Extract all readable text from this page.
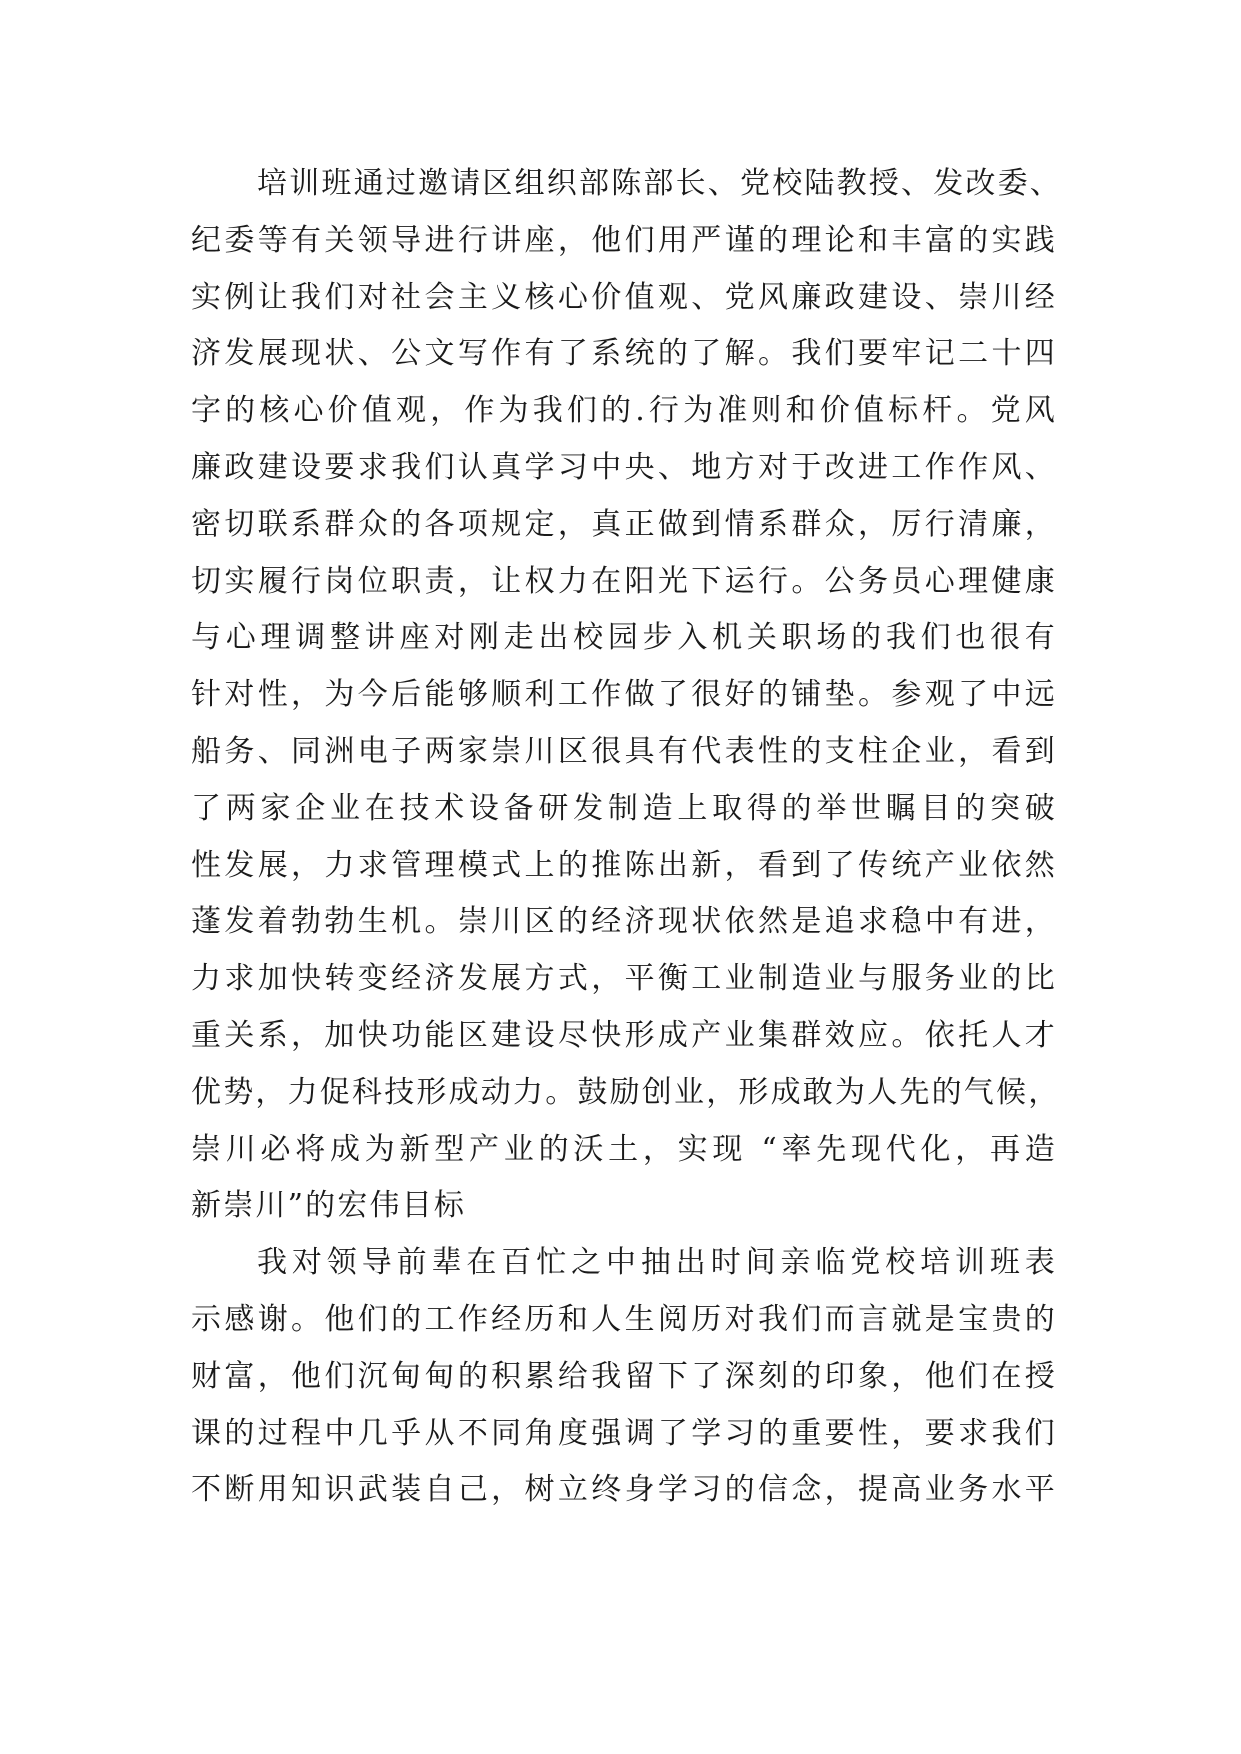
培训班通过邀请区组织部陈部长、党校陆教授、发改委、
纪委等有关领导进行讲座，他们用严谨的理论和丰富的实践
实例让我们对社会主义核心价值观、党风廉政建设、崇川经
济发展现状、公文写作有了系统的了解。我们要牢记二十四
字的核心价值观，作为我们的.行为准则和价值标杆。党风
廉政建设要求我们认真学习中央、地方对于改进工作作风、
密切联系群众的各项规定，真正做到情系群众，厉行清廉，
切实履行岗位职责，让权力在阳光下运行。公务员心理健康
与心理调整讲座对刚走出校园步入机关职场的我们也很有
针对性，为今后能够顺利工作做了很好的铺垫。参观了中远
船务、同洲电子两家崇川区很具有代表性的支柱企业，看到
了两家企业在技术设备研发制造上取得的举世瞩目的突破
性发展，力求管理模式上的推陈出新，看到了传统产业依然
蓬发着勃勃生机。崇川区的经济现状依然是追求稳中有进，
力求加快转变经济发展方式，平衡工业制造业与服务业的比
重关系，加快功能区建设尽快形成产业集群效应。依托人才
优势，力促科技形成动力。鼓励创业，形成敢为人先的气候，
崇川必将成为新型产业的沃土，实现 “率先现代化，再造
新崇川”的宏伟目标

我对领导前辈在百忙之中抽出时间亲临党校培训班表
示感谢。他们的工作经历和人生阅历对我们而言就是宝贵的
财富，他们沉甸甸的积累给我留下了深刻的印象，他们在授
课的过程中几乎从不同角度强调了学习的重要性，要求我们
不断用知识武装自己，树立终身学习的信念，提高业务水平
